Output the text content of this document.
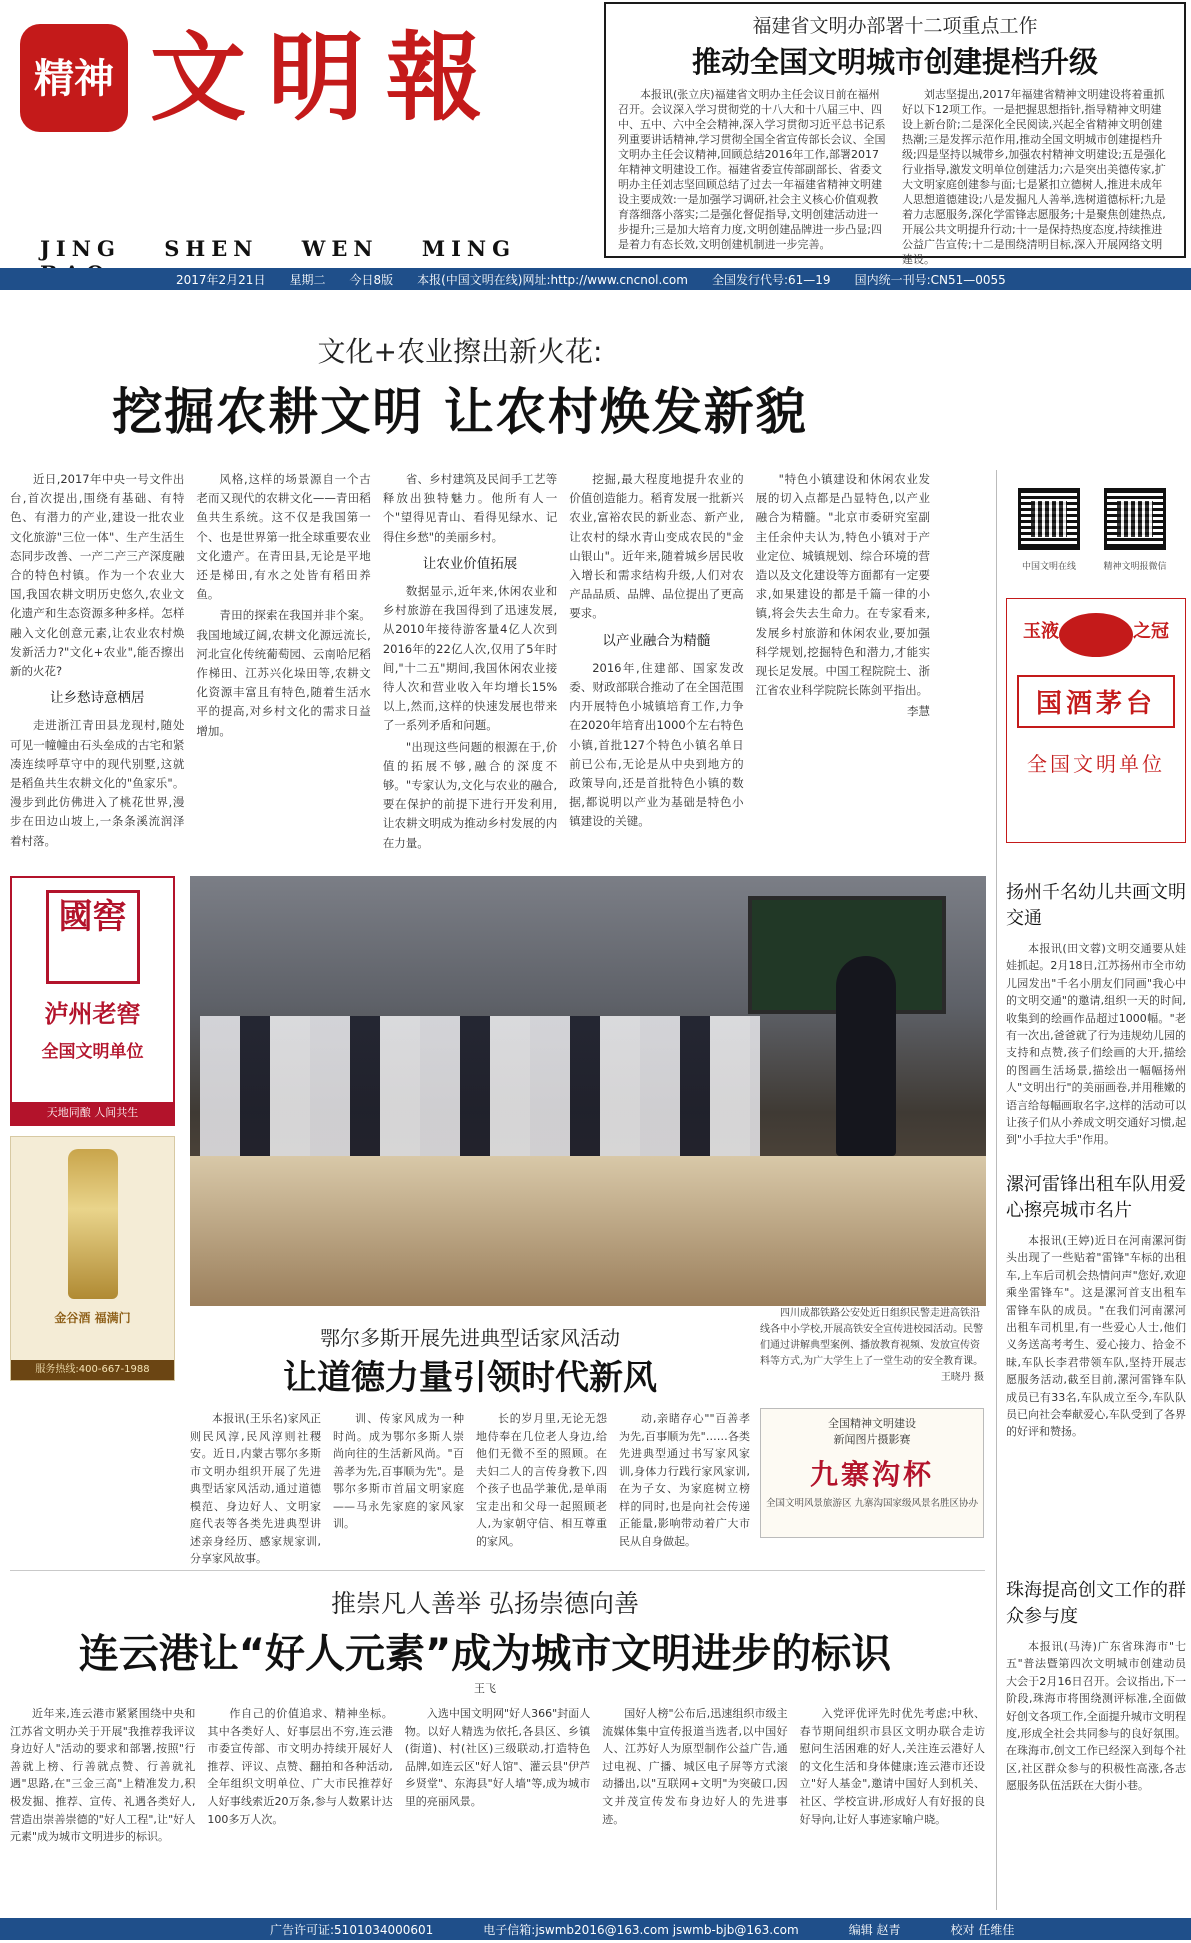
精神 文明報
JING SHEN WEN MING
福建省文明办部署十二项重点工作
推动全国文明城市创建提档升级

本报讯(张立庆)福建省文明办主任会议日前在福州召开。会议深入学习贯彻党的十八大和十八届三中、四中、五中、六中全会精神,深入学习贯彻习近平总书记系列重要讲话精神,学习贯彻全国全省宣传部长会议、全国文明办主任会议精神,回顾总结2016年工作,部署2017年精神文明建设工作。福建省委宣传部副部长、省委文明办主任刘志坚回顾总结了过去一年福建省精神文明建设主要成效:一是加强学习调研,社会主义核心价值观教育落细落小落实;二是强化督促指导,文明创建活动进一步提升;三是加大培育力度,文明创建品牌进一步凸显;四是着力有态长效,文明创建机制进一步完善。

刘志坚提出,2017年福建省精神文明建设将着重抓好以下12项工作。一是把握思想指针,指导精神文明建设上新台阶;二是深化全民阅读,兴起全省精神文明创建热潮;三是发挥示范作用,推动全国文明城市创建提档升级;四是坚持以城带乡,加强农村精神文明建设;五是强化行业指导,激发文明单位创建活力;六是突出美德传家,扩大文明家庭创建参与面;七是紧扣立德树人,推进未成年人思想道德建设;八是发掘凡人善举,选树道德标杆;九是着力志愿服务,深化学雷锋志愿服务;十是聚焦创建热点,开展公共文明提升行动;十一是保持热度态度,持续推进公益广告宣传;十二是围绕清明目标,深入开展网络文明建设。

2017年2月21日 星期二 今日8版 本报(中国文明在线)网址:http://www.cncnol.com 全国发行代号:61—19 国内统一刊号:CN51—0055
文化+农业擦出新火花:
挖掘农耕文明 让农村焕发新貌

近日,2017年中央一号文件出台,首次提出,围绕有基础、有特色、有潜力的产业,建设一批农业文化旅游"三位一体"、生产生活生态同步改善、一产二产三产深度融合的特色村镇。作为一个农业大国,我国农耕文明历史悠久,农业文化遗产和生态资源多种多样。怎样融入文化创意元素,让农业农村焕发新活力?"文化+农业",能否擦出新的火花?

让乡愁诗意栖居

走进浙江青田县龙现村,随处可见一幢幢由石头垒成的古宅和紧凑连续呼草守中的现代别墅,这就是稻鱼共生农耕文化的"鱼家乐"。漫步到此仿佛进入了桃花世界,漫步在田边山坡上,一条条溪流润泽着村落。

风格,这样的场景源自一个古老而又现代的农耕文化——青田稻鱼共生系统。这不仅是我国第一个、也是世界第一批全球重要农业文化遗产。在青田县,无论是平地还是梯田,有水之处皆有稻田养鱼。

青田的探索在我国并非个案。我国地域辽阔,农耕文化源远流长,河北宣化传统葡萄园、云南哈尼稻作梯田、江苏兴化垛田等,农耕文化资源丰富且有特色,随着生活水平的提高,对乡村文化的需求日益增加。

省、乡村建筑及民间手工艺等释放出独特魅力。他所有人一个"望得见青山、看得见绿水、记得住乡愁"的美丽乡村。

让农业价值拓展

数据显示,近年来,休闲农业和乡村旅游在我国得到了迅速发展,从2010年接待游客量4亿人次到2016年的22亿人次,仅用了5年时间,"十二五"期间,我国休闲农业接待人次和营业收入年均增长15%以上,然而,这样的快速发展也带来了一系列矛盾和问题。

"出现这些问题的根源在于,价值的拓展不够,融合的深度不够。"专家认为,文化与农业的融合,要在保护的前提下进行开发利用,让农耕文明成为推动乡村发展的内在力量。

挖掘,最大程度地提升农业的价值创造能力。稻育发展一批新兴农业,富裕农民的新业态、新产业,让农村的绿水青山变成农民的"金山银山"。近年来,随着城乡居民收入增长和需求结构升级,人们对农产品品质、品牌、品位提出了更高要求。

以产业融合为精髓

2016年,住建部、国家发改委、财政部联合推动了在全国范围内开展特色小城镇培育工作,力争在2020年培育出1000个左右特色小镇,首批127个特色小镇名单日前已公布,无论是从中央到地方的政策导向,还是首批特色小镇的数据,都说明以产业为基础是特色小镇建设的关键。

"特色小镇建设和休闲农业发展的切入点都是凸显特色,以产业融合为精髓。"北京市委研究室副主任余仲夫认为,特色小镇对于产业定位、城镇规划、综合环境的营造以及文化建设等方面都有一定要求,如果建设的都是千篇一律的小镇,将会失去生命力。在专家看来,发展乡村旅游和休闲农业,要加强科学规划,挖掘特色和潜力,才能实现长足发展。中国工程院院士、浙江省农业科学院院长陈剑平指出。

李慧
中国文明在线	精神文明报微信
玉液	之冠
国酒茅台
全国文明单位
扬州千名幼儿共画文明交通
本报讯(田文蓉)文明交通要从娃娃抓起。2月18日,江苏扬州市全市幼儿园发出"千名小朋友们同画"我心中的文明交通"的邀请,组织一天的时间,收集到的绘画作品超过1000幅。"老有一次出,爸爸就了行为违规幼儿园的支持和点赞,孩子们绘画的大开,描绘的图画生活场景,描绘出一幅幅扬州人"文明出行"的美丽画卷,并用稚嫩的语言给每幅画取名字,这样的活动可以让孩子们从小养成文明交通好习惯,起到"小手拉大手"作用。
漯河雷锋出租车队用爱心擦亮城市名片
本报讯(王婷)近日在河南漯河街头出现了一些贴着"雷锋"车标的出租车,上车后司机会热情问声"您好,欢迎乘坐雷锋车"。这是漯河首支出租车雷锋车队的成员。"在我们河南漯河出租车司机里,有一些爱心人士,他们义务送高考考生、爱心接力、拾金不昧,车队长李君带领车队,坚持开展志愿服务活动,截至目前,漯河雷锋车队成员已有33名,车队成立至今,车队队员已向社会奉献爱心,车队受到了各界的好评和赞扬。
珠海提高创文工作的群众参与度
本报讯(马涛)广东省珠海市"七五"普法暨第四次文明城市创建动员大会于2月16日召开。会议指出,下一阶段,珠海市将围绕测评标准,全面做好创文各项工作,全面提升城市文明程度,形成全社会共同参与的良好氛围。在珠海市,创文工作已经深入到每个社区,社区群众参与的积极性高涨,各志愿服务队伍活跃在大街小巷。
國窖
泸州老窖
全国文明单位
天地同酿 人间共生
金谷酒 福满门
服务热线:400-667-1988
四川成都铁路公安处近日组织民警走进高铁沿线各中小学校,开展高铁安全宣传进校园活动。民警们通过讲解典型案例、播放教育视频、发放宣传资料等方式,为广大学生上了一堂生动的安全教育课。
王晓丹 摄
鄂尔多斯开展先进典型话家风活动
让道德力量引领时代新风

本报讯(王乐名)家风正则民风淳,民风淳则社稷安。近日,内蒙古鄂尔多斯市文明办组织开展了先进典型话家风活动,通过道德模范、身边好人、文明家庭代表等各类先进典型讲述亲身经历、感家规家训,分享家风故事。

训、传家风成为一种时尚。成为鄂尔多斯人崇尚向往的生活新风尚。"百善孝为先,百事顺为先"。是鄂尔多斯市首届文明家庭——马永先家庭的家风家训。

长的岁月里,无论无怨地侍奉在几位老人身边,给他们无微不至的照顾。在夫妇二人的言传身教下,四个孩子也品学兼优,是单雨宝走出和父母一起照顾老人,为家朝守信、相互尊重的家风。

动,亲睹存心""百善孝为先,百事顺为先"……各类先进典型通过书写家风家训,身体力行践行家风家训,在为子女、为家庭树立榜样的同时,也是向社会传递正能量,影响带动着广大市民从自身做起。

全国精神文明建设
新闻图片摄影赛
九寨沟杯
全国文明风景旅游区 九寨沟国家级风景名胜区协办
推崇凡人善举 弘扬崇德向善
连云港让“好人元素”成为城市文明进步的标识
王飞

近年来,连云港市紧紧围绕中央和江苏省文明办关于开展"我推荐我评议身边好人"活动的要求和部署,按照"行善就上榜、行善就点赞、行善就礼遇"思路,在"三金三高"上精准发力,积极发掘、推荐、宣传、礼遇各类好人,营造出崇善崇德的"好人工程",让"好人元素"成为城市文明进步的标识。

作自己的价值追求、精神坐标。其中各类好人、好事层出不穷,连云港市委宣传部、市文明办持续开展好人推荐、评议、点赞、翻拍和各种活动,全年组织文明单位、广大市民推荐好人好事线索近20万条,参与人数累计达100多万人次。

入选中国文明网"好人366"封面人物。以好人精选为依托,各县区、乡镇(街道)、村(社区)三级联动,打造特色品牌,如连云区"好人馆"、灌云县"伊芦乡贤堂"、东海县"好人墙"等,成为城市里的亮丽风景。

国好人榜"公布后,迅速组织市级主流媒体集中宣传报道当选者,以中国好人、江苏好人为原型制作公益广告,通过电视、广播、城区电子屏等方式滚动播出,以"互联网+文明"为突破口,因文并茂宣传发布身边好人的先进事迹。

入党评优评先时优先考虑;中秋、春节期间组织市县区文明办联合走访慰问生活困难的好人,关注连云港好人的文化生活和身体健康;连云港市还设立"好人基金",邀请中国好人到机关、社区、学校宣讲,形成好人有好报的良好导向,让好人事迹家喻户晓。

广告许可证:5101034000601	电子信箱:jswmb2016@163.com jswmb-bjb@163.com	编辑 赵青	校对 任维佳
